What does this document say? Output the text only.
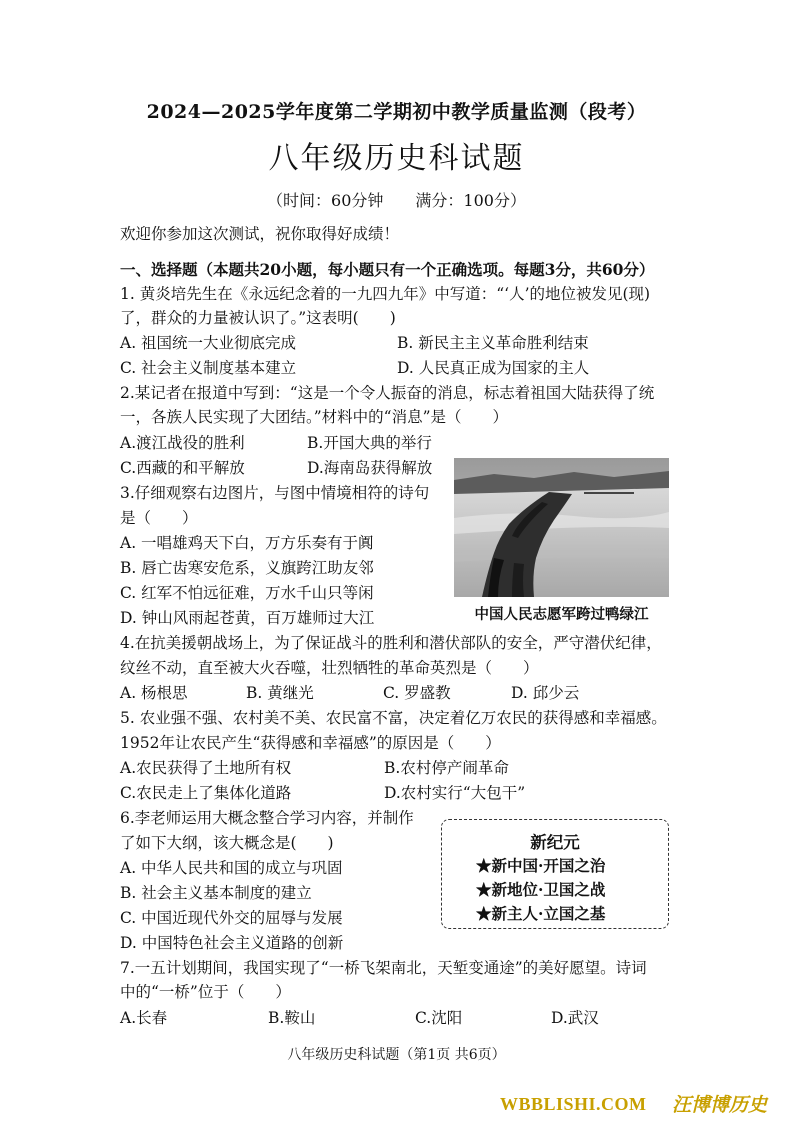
2024—2025学年度第二学期初中教学质量监测（段考）
八年级历史科试题
（时间：60分钟　　满分：100分）
欢迎你参加这次测试，祝你取得好成绩！
一、选择题（本题共20小题，每小题只有一个正确选项。每题3分，共60分）
1. 黄炎培先生在《永远纪念着的一九四九年》中写道：“‘人’的地位被发见(现)
了，群众的力量被认识了。”这表明(　　)
A. 祖国统一大业彻底完成	B. 新民主主义革命胜利结束
C. 社会主义制度基本建立	D. 人民真正成为国家的主人
2.某记者在报道中写到：“这是一个令人振奋的消息，标志着祖国大陆获得了统
一，各族人民实现了大团结。”材料中的“消息”是（　　）
A.渡江战役的胜利	B.开国大典的举行
C.西藏的和平解放	D.海南岛获得解放
3.仔细观察右边图片，与图中情境相符的诗句
是（　　）
A. 一唱雄鸡天下白，万方乐奏有于阗
B. 唇亡齿寒安危系，义旗跨江助友邻
C. 红军不怕远征难，万水千山只等闲
D. 钟山风雨起苍黄，百万雄师过大江	中国人民志愿军跨过鸭绿江
4.在抗美援朝战场上，为了保证战斗的胜利和潜伏部队的安全，严守潜伏纪律，
纹丝不动，直至被大火吞噬，壮烈牺牲的革命英烈是（　　）
A. 杨根思	B. 黄继光	C. 罗盛教	D. 邱少云
5. 农业强不强、农村美不美、农民富不富，决定着亿万农民的获得感和幸福感。
1952年让农民产生“获得感和幸福感”的原因是（　　）
A.农民获得了土地所有权	B.农村停产闹革命
C.农民走上了集体化道路	D.农村实行“大包干”
6.李老师运用大概念整合学习内容，并制作
了如下大纲，该大概念是(　　)
A. 中华人民共和国的成立与巩固
B. 社会主义基本制度的建立
C. 中国近现代外交的屈辱与发展
D. 中国特色社会主义道路的创新
新纪元
★新中国·开国之治
★新地位·卫国之战
★新主人·立国之基
7.一五计划期间，我国实现了“一桥飞架南北，天堑变通途”的美好愿望。诗词
中的“一桥”位于（　　）
A.长春	B.鞍山	C.沈阳	D.武汉
八年级历史科试题（第1页 共6页）
WBBLISHI.COM 汪博博历史
